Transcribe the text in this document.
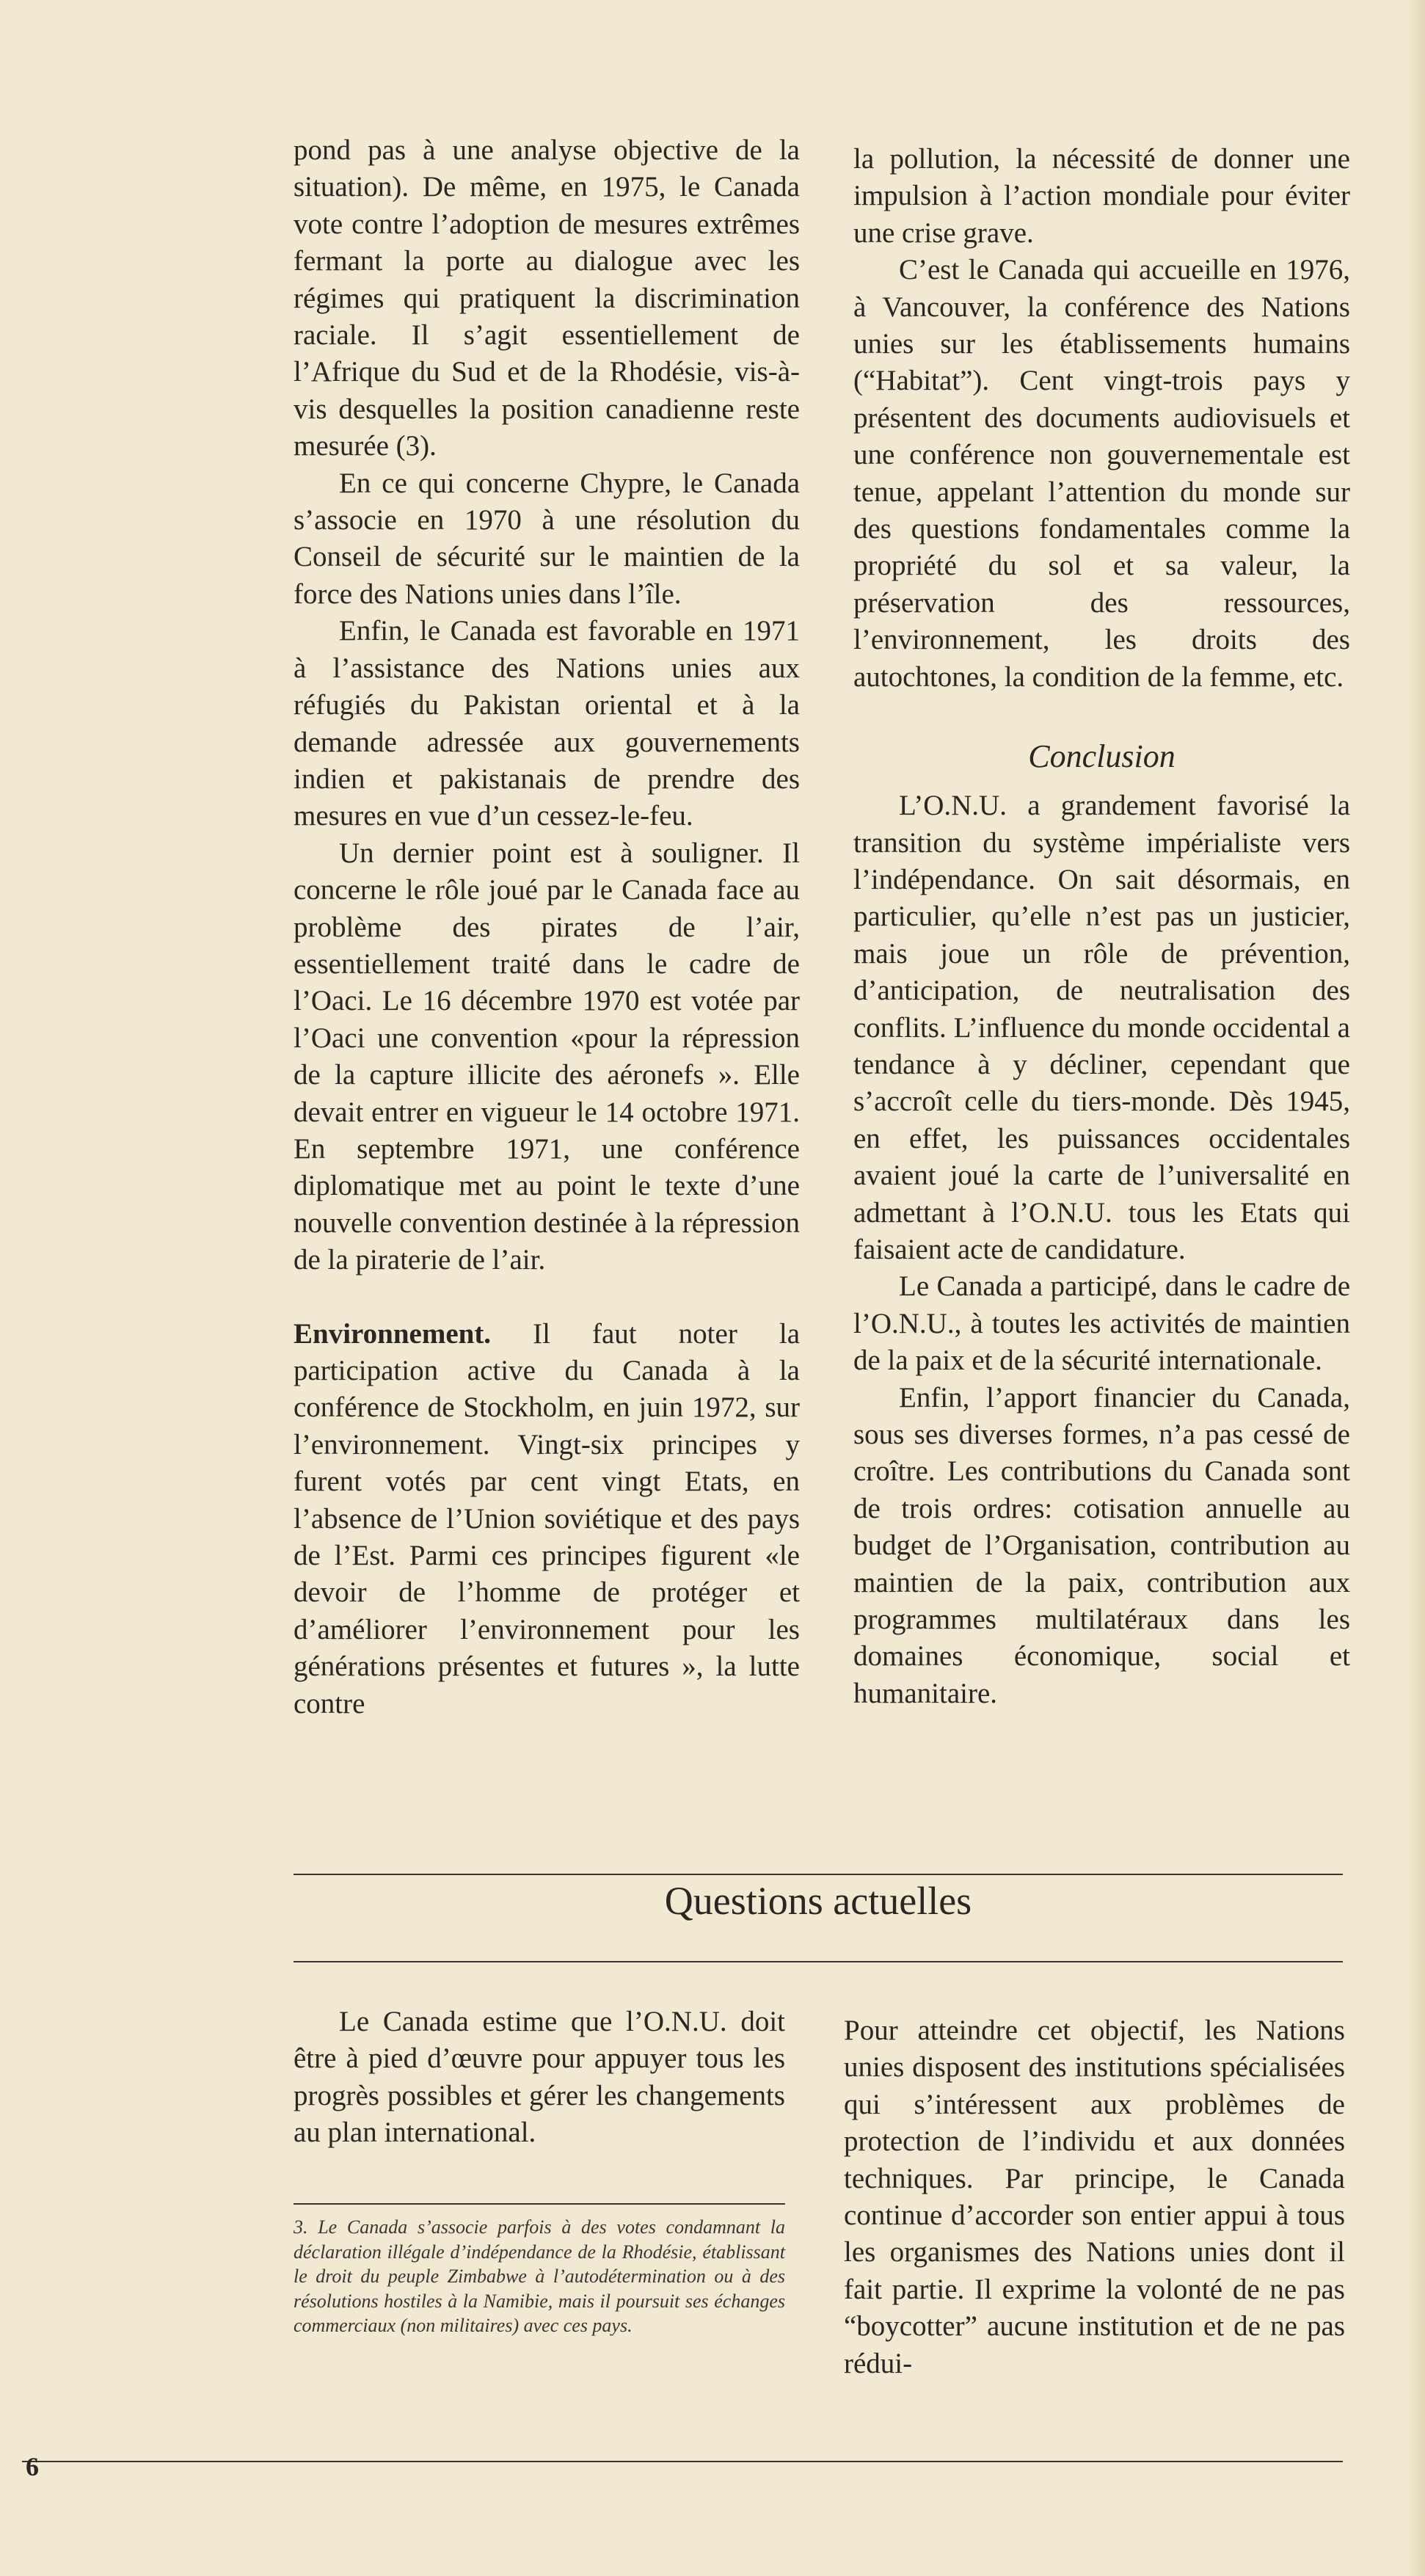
pond pas à une analyse objective de la situation). De même, en 1975, le Canada vote contre l’adoption de mesures extrêmes fermant la porte au dialogue avec les régimes qui pratiquent la discrimination raciale. Il s’agit essentiellement de l’Afrique du Sud et de la Rhodésie, vis-à-vis desquelles la position canadienne reste mesurée (3).

En ce qui concerne Chypre, le Canada s’associe en 1970 à une résolution du Conseil de sécurité sur le maintien de la force des Nations unies dans l’île.

Enfin, le Canada est favorable en 1971 à l’assistance des Nations unies aux réfugiés du Pakistan oriental et à la demande adressée aux gouvernements indien et pakistanais de prendre des mesures en vue d’un cessez-le-feu.

Un dernier point est à souligner. Il concerne le rôle joué par le Canada face au problème des pirates de l’air, essentiellement traité dans le cadre de l’Oaci. Le 16 décembre 1970 est votée par l’Oaci une convention «pour la répression de la capture illicite des aéronefs ». Elle devait entrer en vigueur le 14 octobre 1971. En septembre 1971, une conférence diplomatique met au point le texte d’une nouvelle convention destinée à la répression de la piraterie de l’air.

Environnement. Il faut noter la participation active du Canada à la conférence de Stockholm, en juin 1972, sur l’environnement. Vingt-six principes y furent votés par cent vingt Etats, en l’absence de l’Union soviétique et des pays de l’Est. Parmi ces principes figurent «le devoir de l’homme de protéger et d’améliorer l’environnement pour les générations présentes et futures », la lutte contre

la pollution, la nécessité de donner une impulsion à l’action mondiale pour éviter une crise grave.

C’est le Canada qui accueille en 1976, à Vancouver, la conférence des Nations unies sur les établissements humains (“Habitat”). Cent vingt-trois pays y présentent des documents audiovisuels et une conférence non gouvernementale est tenue, appelant l’attention du monde sur des questions fondamentales comme la propriété du sol et sa valeur, la préservation des ressources, l’environnement, les droits des autochtones, la condition de la femme, etc.

Conclusion

L’O.N.U. a grandement favorisé la transition du système impérialiste vers l’indépendance. On sait désormais, en particulier, qu’elle n’est pas un justicier, mais joue un rôle de prévention, d’anticipation, de neutralisation des conflits. L’influence du monde occidental a tendance à y décliner, cependant que s’accroît celle du tiers-monde. Dès 1945, en effet, les puissances occidentales avaient joué la carte de l’universalité en admettant à l’O.N.U. tous les Etats qui faisaient acte de candidature.

Le Canada a participé, dans le cadre de l’O.N.U., à toutes les activités de maintien de la paix et de la sécurité internationale.

Enfin, l’apport financier du Canada, sous ses diverses formes, n’a pas cessé de croître. Les contributions du Canada sont de trois ordres: cotisation annuelle au budget de l’Organisation, contribution au maintien de la paix, contribution aux programmes multilatéraux dans les domaines économique, social et humanitaire.

Questions actuelles

Le Canada estime que l’O.N.U. doit être à pied d’œuvre pour appuyer tous les progrès possibles et gérer les changements au plan international.

Pour atteindre cet objectif, les Nations unies disposent des institutions spécialisées qui s’intéressent aux problèmes de protection de l’individu et aux données techniques. Par principe, le Canada continue d’accorder son entier appui à tous les organismes des Nations unies dont il fait partie. Il exprime la volonté de ne pas “boycotter” aucune institution et de ne pas rédui-

3. Le Canada s’associe parfois à des votes condamnant la déclaration illégale d’indépendance de la Rhodésie, établissant le droit du peuple Zimbabwe à l’autodétermination ou à des résolutions hostiles à la Namibie, mais il poursuit ses échanges commerciaux (non militaires) avec ces pays.

6
